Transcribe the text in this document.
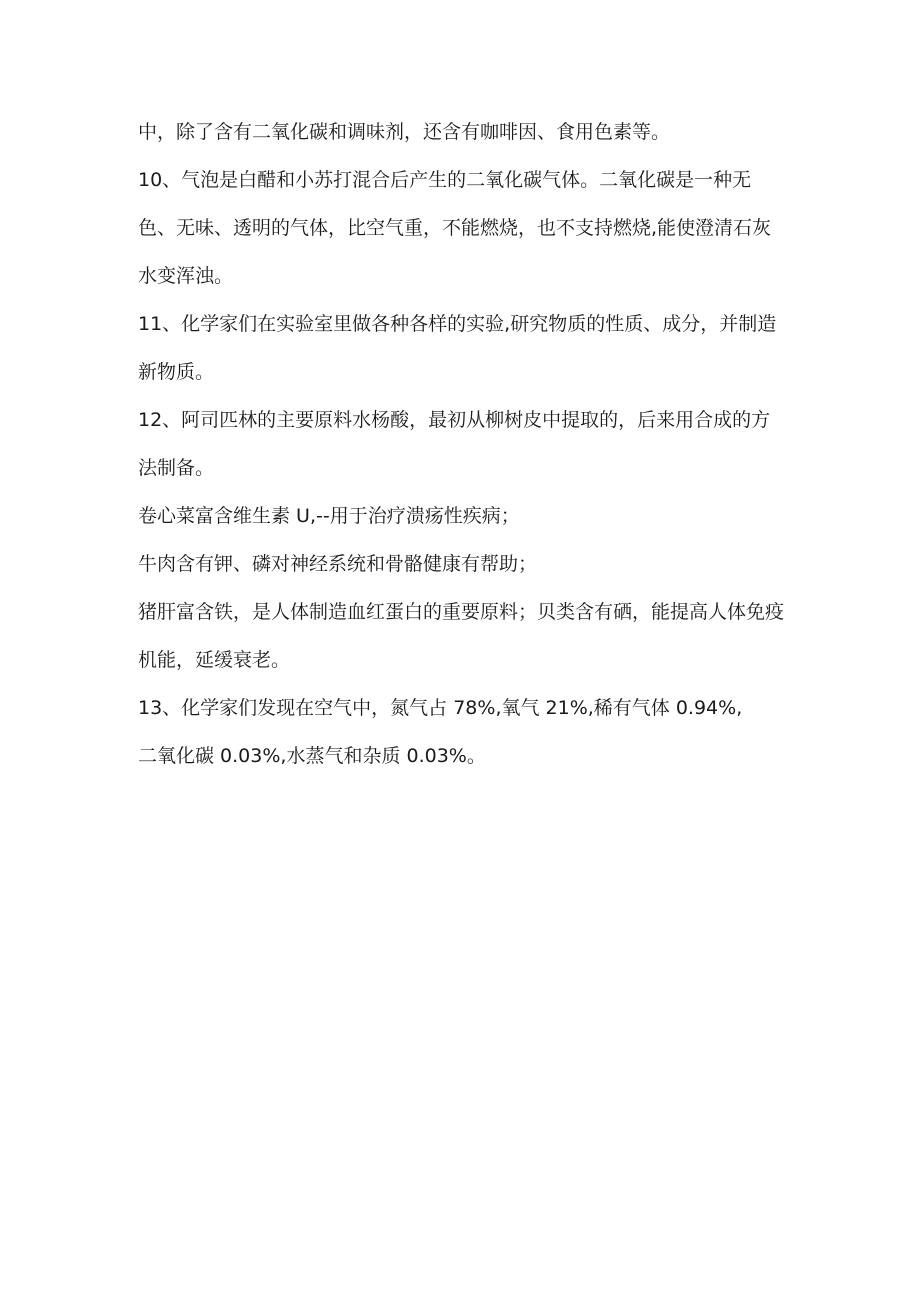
中，除了含有二氧化碳和调味剂，还含有咖啡因、食用色素等。

10、气泡是白醋和小苏打混合后产生的二氧化碳气体。二氧化碳是一种无色、无味、透明的气体，比空气重，不能燃烧，也不支持燃烧,能使澄清石灰水变浑浊。

11、化学家们在实验室里做各种各样的实验,研究物质的性质、成分，并制造新物质。

12、阿司匹林的主要原料水杨酸，最初从柳树皮中提取的，后来用合成的方法制备。

卷心菜富含维生素 U,--用于治疗溃疡性疾病；

牛肉含有钾、磷对神经系统和骨骼健康有帮助；

猪肝富含铁，是人体制造血红蛋白的重要原料；贝类含有硒，能提高人体免疫机能，延缓衰老。

13、化学家们发现在空气中，氮气占 78%,氧气 21%,稀有气体 0.94%,

二氧化碳 0.03%,水蒸气和杂质 0.03%。
